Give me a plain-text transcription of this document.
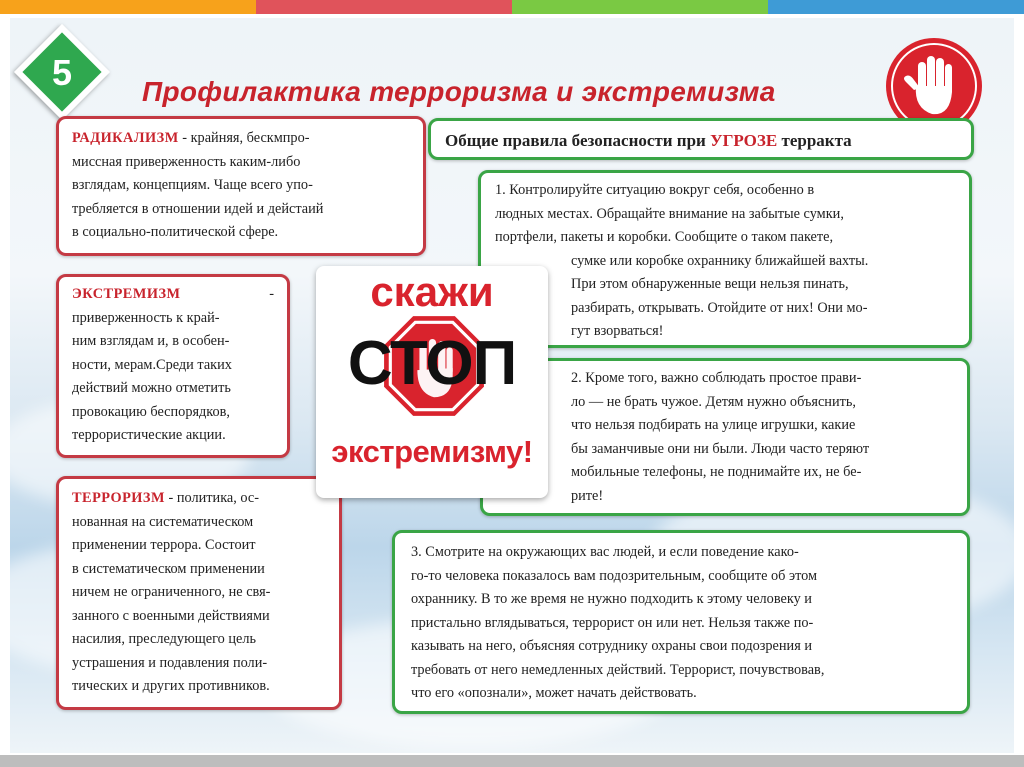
5	Профилактика терроризма и экстремизма
РАДИКАЛИЗМ - крайняя, бескмпро-
миссная приверженность каким-либо
взглядам, концепциям. Чаще всего упо-
требляется в отношении идей и дейстаий
в социально-политической сфере.
ЭКСТРЕМИЗМ	-
приверженность к край-
ним взглядам и, в особен-
ности, мерам.Среди таких
действий можно отметить
провокацию беспорядков,
террористические акции.
ТЕРРОРИЗМ - политика, ос-
нованная на систематическом
применении террора. Состоит
в систематическом применении
ничем не ограниченного, не свя-
занного с военными действиями
насилия, преследующего цель
устрашения и подавления поли-
тических и других противников.
Общие правила безопасности при УГРОЗЕ терракта
1. Контролируйте ситуацию вокруг себя, особенно в
людных местах. Обращайте внимание на забытые сумки,
портфели, пакеты и коробки. Сообщите о таком пакете,
сумке или коробке охраннику ближайшей вахты.
При этом обнаруженные вещи нельзя пинать,
разбирать, открывать. Отойдите от них! Они мо-
гут взорваться!
2. Кроме того, важно соблюдать простое прави-
ло — не брать чужое. Детям нужно объяснить,
что нельзя подбирать на улице игрушки, какие
бы заманчивые они ни были. Люди часто теряют
мобильные телефоны, не поднимайте их, не бе-
рите!
3. Смотрите на окружающих вас людей, и если поведение како-
го-то человека показалось вам подозрительным, сообщите об этом
охраннику. В то же время не нужно подходить к этому человеку и
пристально вглядываться, террорист он или нет. Нельзя также по-
казывать на него, объясняя сотруднику охраны свои подозрения и
требовать от него немедленных действий. Террорист, почувствовав,
что его «опознали», может начать действовать.
скажи
СТОП
экстремизму!
